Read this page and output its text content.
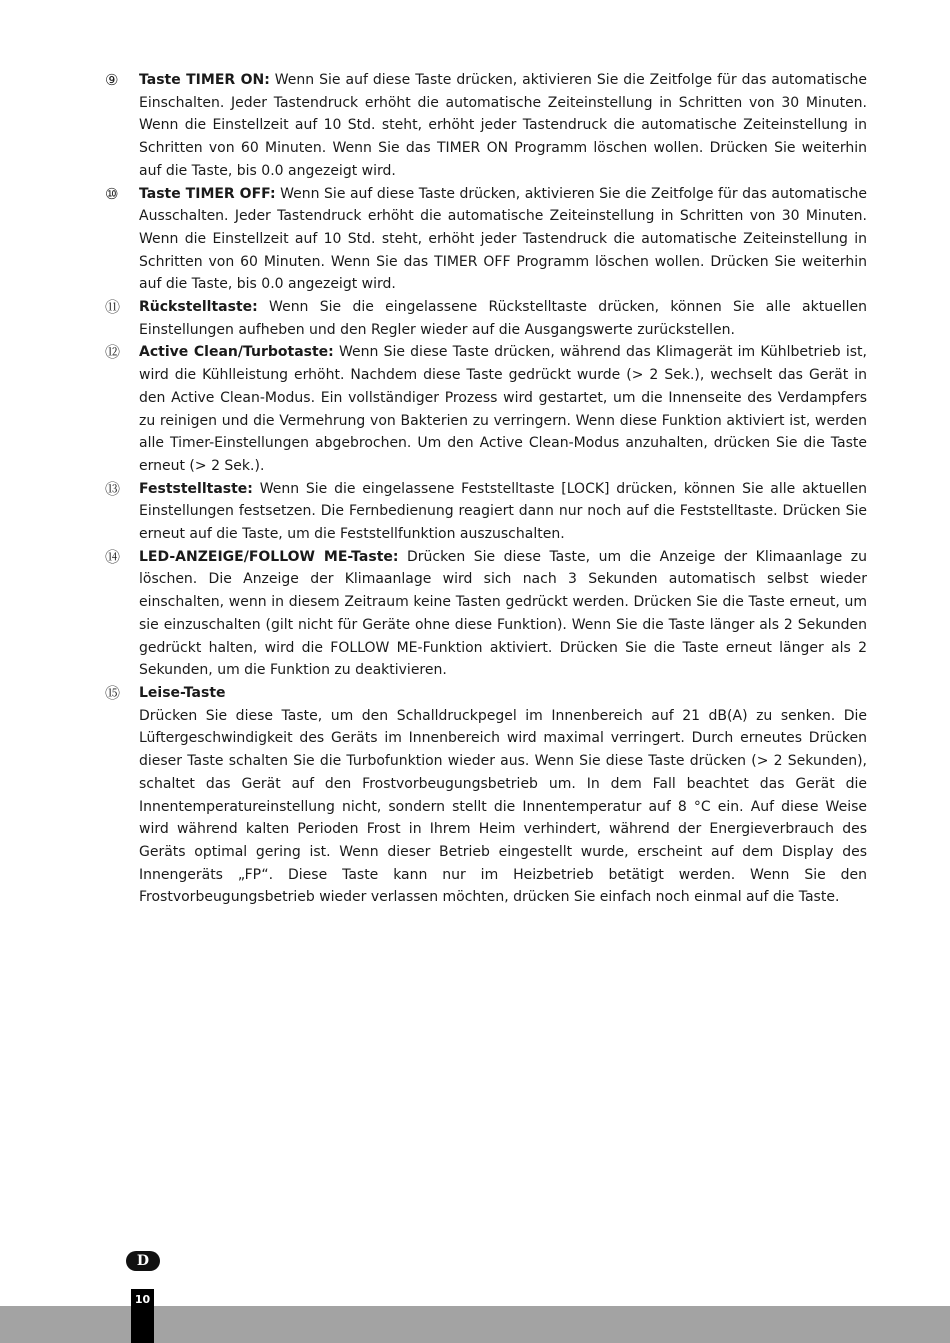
⑨ Taste TIMER ON: Wenn Sie auf diese Taste drücken, aktivieren Sie die Zeitfolge für das automatische Einschalten. Jeder Tastendruck erhöht die automatische Zeiteinstellung in Schritten von 30 Minuten. Wenn die Einstellzeit auf 10 Std. steht, erhöht jeder Tastendruck die automatische Zeiteinstellung in Schritten von 60 Minuten. Wenn Sie das TIMER ON Programm löschen wollen. Drücken Sie weiterhin auf die Taste, bis 0.0 angezeigt wird.
⑩ Taste TIMER OFF: Wenn Sie auf diese Taste drücken, aktivieren Sie die Zeitfolge für das automatische Ausschalten. Jeder Tastendruck erhöht die automatische Zeiteinstellung in Schritten von 30 Minuten. Wenn die Einstellzeit auf 10 Std. steht, erhöht jeder Tastendruck die automatische Zeiteinstellung in Schritten von 60 Minuten. Wenn Sie das TIMER OFF Programm löschen wollen. Drücken Sie weiterhin auf die Taste, bis 0.0 angezeigt wird.
⑪ Rückstelltaste: Wenn Sie die eingelassene Rückstelltaste drücken, können Sie alle aktuellen Einstellungen aufheben und den Regler wieder auf die Ausgangswerte zurückstellen.
⑫ Active Clean/Turbotaste: Wenn Sie diese Taste drücken, während das Klimagerät im Kühlbetrieb ist, wird die Kühlleistung erhöht. Nachdem diese Taste gedrückt wurde (> 2 Sek.), wechselt das Gerät in den Active Clean-Modus. Ein vollständiger Prozess wird gestartet, um die Innenseite des Verdampfers zu reinigen und die Vermehrung von Bakterien zu verringern. Wenn diese Funktion aktiviert ist, werden alle Timer-Einstellungen abgebrochen. Um den Active Clean-Modus anzuhalten, drücken Sie die Taste erneut (> 2 Sek.).
⑬ Feststelltaste: Wenn Sie die eingelassene Feststelltaste [LOCK] drücken, können Sie alle aktuellen Einstellungen festsetzen. Die Fernbedienung reagiert dann nur noch auf die Feststelltaste. Drücken Sie erneut auf die Taste, um die Feststellfunktion auszuschalten.
⑭ LED-ANZEIGE/FOLLOW ME-Taste: Drücken Sie diese Taste, um die Anzeige der Klimaanlage zu löschen. Die Anzeige der Klimaanlage wird sich nach 3 Sekunden automatisch selbst wieder einschalten, wenn in diesem Zeitraum keine Tasten gedrückt werden. Drücken Sie die Taste erneut, um sie einzuschalten (gilt nicht für Geräte ohne diese Funktion). Wenn Sie die Taste länger als 2 Sekunden gedrückt halten, wird die FOLLOW ME-Funktion aktiviert. Drücken Sie die Taste erneut länger als 2 Sekunden, um die Funktion zu deaktivieren.
⑮ Leise-Taste
Drücken Sie diese Taste, um den Schalldruckpegel im Innenbereich auf 21 dB(A) zu senken. Die Lüftergeschwindigkeit des Geräts im Innenbereich wird maximal verringert. Durch erneutes Drücken dieser Taste schalten Sie die Turbofunktion wieder aus. Wenn Sie diese Taste drücken (> 2 Sekunden), schaltet das Gerät auf den Frostvorbeugungsbetrieb um. In dem Fall beachtet das Gerät die Innentemperatureinstellung nicht, sondern stellt die Innentemperatur auf 8 °C ein. Auf diese Weise wird während kalten Perioden Frost in Ihrem Heim verhindert, während der Energieverbrauch des Geräts optimal gering ist. Wenn dieser Betrieb eingestellt wurde, erscheint auf dem Display des Innengeräts „FP“. Diese Taste kann nur im Heizbetrieb betätigt werden. Wenn Sie den Frostvorbeugungsbetrieb wieder verlassen möchten, drücken Sie einfach noch einmal auf die Taste.
D
10
